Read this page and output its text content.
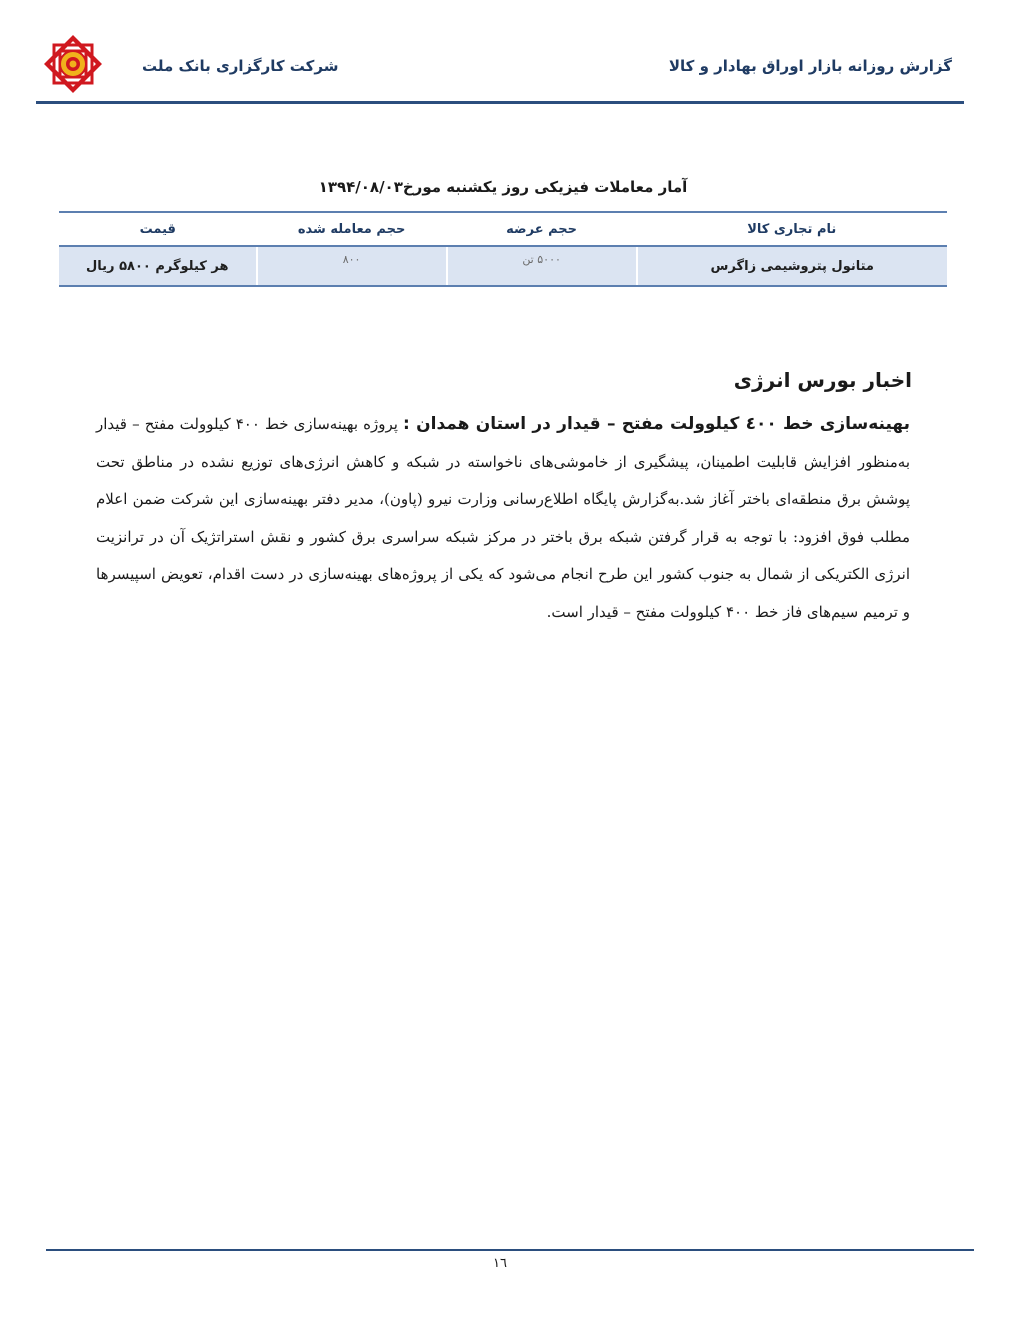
شرکت کارگزاری بانک ملت	گزارش روزانه بازار اوراق بهادار و کالا
آمار معاملات فیزیکی روز یکشنبه مورخ۱۳۹۴/۰۸/۰۳
نام تجاری کالا	حجم عرضه	حجم معامله شده	قیمت
متانول پتروشیمی زاگرس	۵۰۰۰ تن	۸۰۰	هر کیلوگرم ۵۸۰۰ ریال
اخبار بورس انرژی
بهینه‌سازی خط ٤٠٠ کیلوولت مفتح – قیدار در استان همدان : پروژه بهینه‌سازی خط ۴۰۰ کیلوولت مفتح – قیدار به‌منظور افزایش قابلیت اطمینان، پیشگیری از خاموشی‌های ناخواسته در شبکه و کاهش انرژی‌های توزیع نشده در مناطق تحت پوشش برق منطقه‌ای باختر آغاز شد.به‌گزارش پایگاه اطلاع‌رسانی وزارت نیرو (پاون)، مدیر دفتر بهینه‌سازی این شرکت ضمن اعلام مطلب فوق افزود: با توجه به قرار گرفتن شبکه برق باختر در مرکز شبکه سراسری برق کشور و نقش استراتژیک آن در ترانزیت انرژی الکتریکی از شمال به جنوب کشور این طرح انجام می‌شود که یکی از پروژه‌های بهینه‌سازی در دست اقدام، تعویض اسپیسرها و ترمیم سیم‌های فاز خط ۴۰۰ کیلوولت مفتح – قیدار است.
١٦
